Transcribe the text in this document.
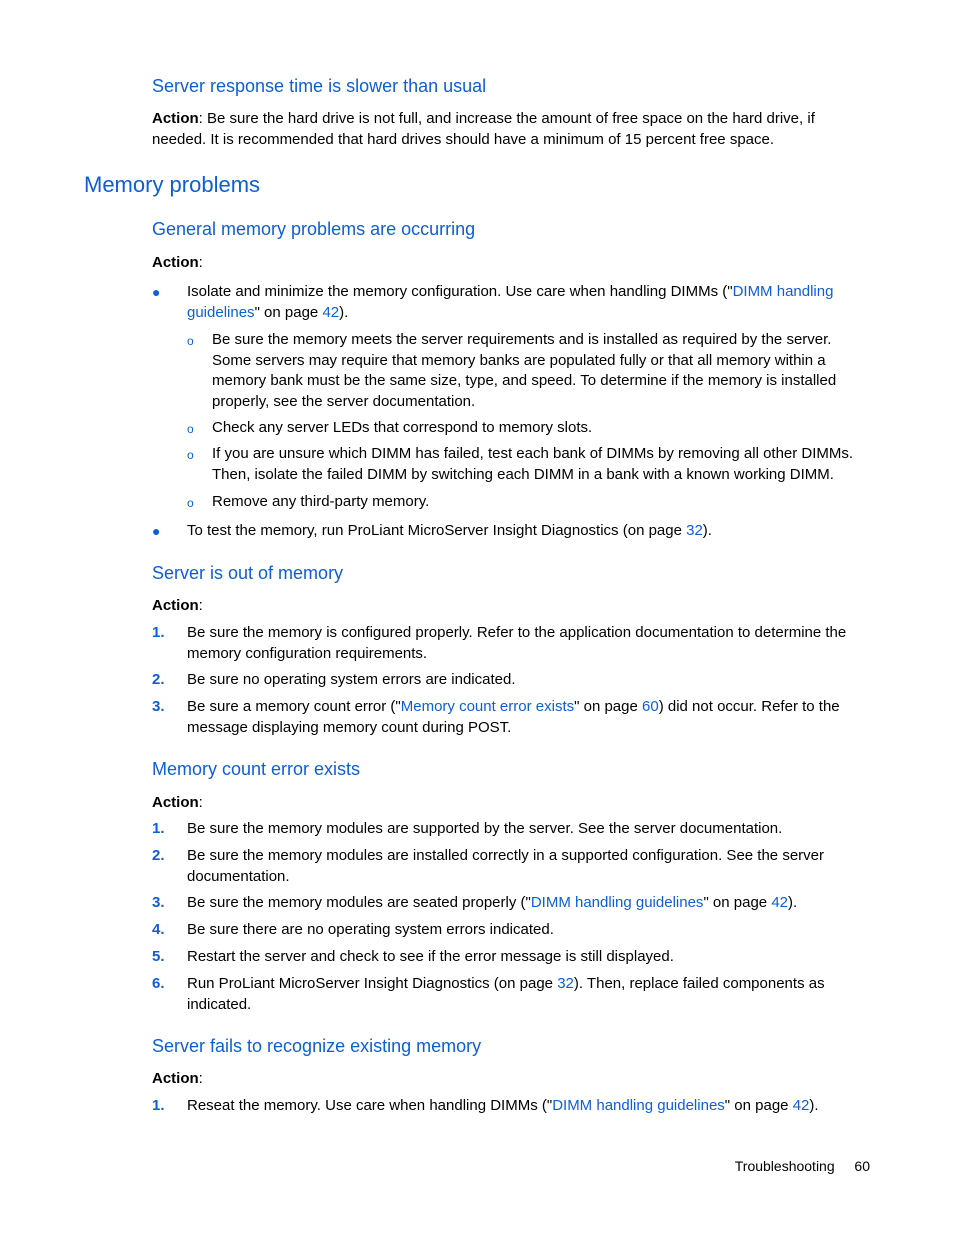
Server response time is slower than usual

Action: Be sure the hard drive is not full, and increase the amount of free space on the hard drive, if needed. It is recommended that hard drives should have a minimum of 15 percent free space.

Memory problems
General memory problems are occurring

Action:

● Isolate and minimize the memory configuration. Use care when handling DIMMs ("DIMM handling guidelines" on page 42).
o Be sure the memory meets the server requirements and is installed as required by the server. Some servers may require that memory banks are populated fully or that all memory within a memory bank must be the same size, type, and speed. To determine if the memory is installed properly, see the server documentation.
o Check any server LEDs that correspond to memory slots.
o If you are unsure which DIMM has failed, test each bank of DIMMs by removing all other DIMMs. Then, isolate the failed DIMM by switching each DIMM in a bank with a known working DIMM.
o Remove any third-party memory.
● To test the memory, run ProLiant MicroServer Insight Diagnostics (on page 32).
Server is out of memory

Action:

1. Be sure the memory is configured properly. Refer to the application documentation to determine the memory configuration requirements.
2. Be sure no operating system errors are indicated.
3. Be sure a memory count error ("Memory count error exists" on page 60) did not occur. Refer to the message displaying memory count during POST.
Memory count error exists

Action:

1. Be sure the memory modules are supported by the server. See the server documentation.
2. Be sure the memory modules are installed correctly in a supported configuration. See the server documentation.
3. Be sure the memory modules are seated properly ("DIMM handling guidelines" on page 42).
4. Be sure there are no operating system errors indicated.
5. Restart the server and check to see if the error message is still displayed.
6. Run ProLiant MicroServer Insight Diagnostics (on page 32). Then, replace failed components as indicated.
Server fails to recognize existing memory

Action:

1. Reseat the memory. Use care when handling DIMMs ("DIMM handling guidelines" on page 42).
Troubleshooting 60
